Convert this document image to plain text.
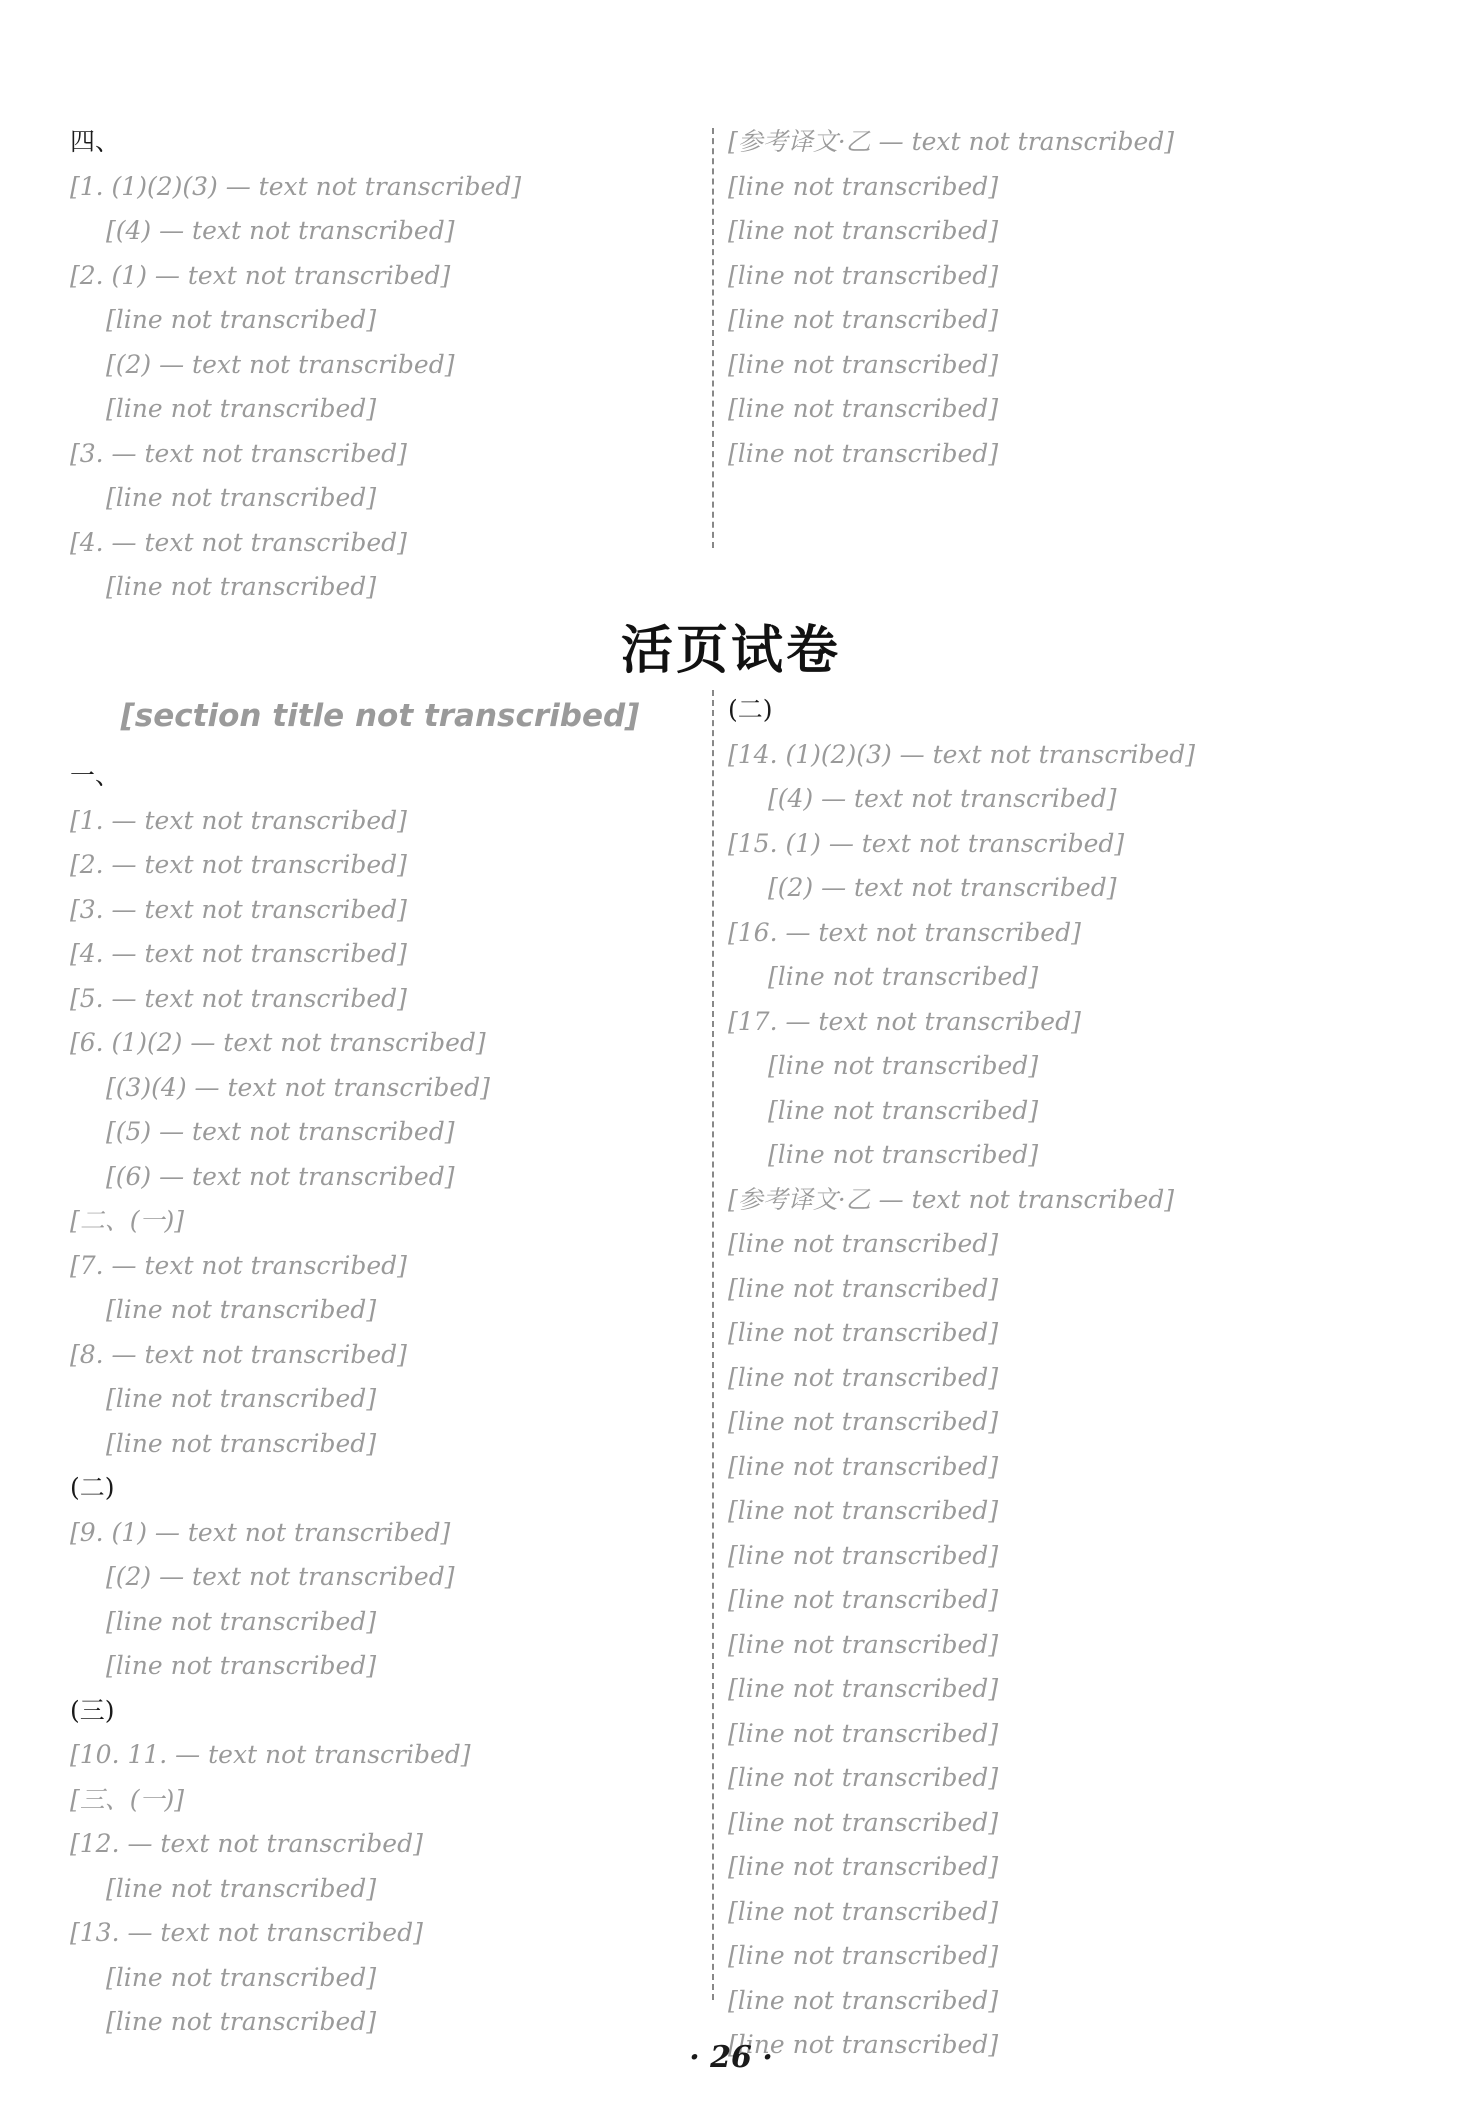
四、
[1. (1)(2)(3) — text not transcribed]
[(4) — text not transcribed]
[2. (1) — text not transcribed]
[line not transcribed]
[(2) — text not transcribed]
[line not transcribed]
[3. — text not transcribed]
[line not transcribed]
[4. — text not transcribed]
[line not transcribed]
[参考译文·乙 — text not transcribed]
[line not transcribed]
[line not transcribed]
[line not transcribed]
[line not transcribed]
[line not transcribed]
[line not transcribed]
[line not transcribed]
活页试卷
[section title not transcribed]
一、
[1. — text not transcribed]
[2. — text not transcribed]
[3. — text not transcribed]
[4. — text not transcribed]
[5. — text not transcribed]
[6. (1)(2) — text not transcribed]
[(3)(4) — text not transcribed]
[(5) — text not transcribed]
[(6) — text not transcribed]
[二、(一)]
[7. — text not transcribed]
[line not transcribed]
[8. — text not transcribed]
[line not transcribed]
[line not transcribed]
(二)
[9. (1) — text not transcribed]
[(2) — text not transcribed]
[line not transcribed]
[line not transcribed]
(三)
[10. 11. — text not transcribed]
[三、(一)]
[12. — text not transcribed]
[line not transcribed]
[13. — text not transcribed]
[line not transcribed]
[line not transcribed]
(二)
[14. (1)(2)(3) — text not transcribed]
[(4) — text not transcribed]
[15. (1) — text not transcribed]
[(2) — text not transcribed]
[16. — text not transcribed]
[line not transcribed]
[17. — text not transcribed]
[line not transcribed]
[line not transcribed]
[line not transcribed]
[参考译文·乙 — text not transcribed]
[line not transcribed]
[line not transcribed]
[line not transcribed]
[line not transcribed]
[line not transcribed]
[line not transcribed]
[line not transcribed]
[line not transcribed]
[line not transcribed]
[line not transcribed]
[line not transcribed]
[line not transcribed]
[line not transcribed]
[line not transcribed]
[line not transcribed]
[line not transcribed]
[line not transcribed]
[line not transcribed]
[line not transcribed]
· 26 ·
